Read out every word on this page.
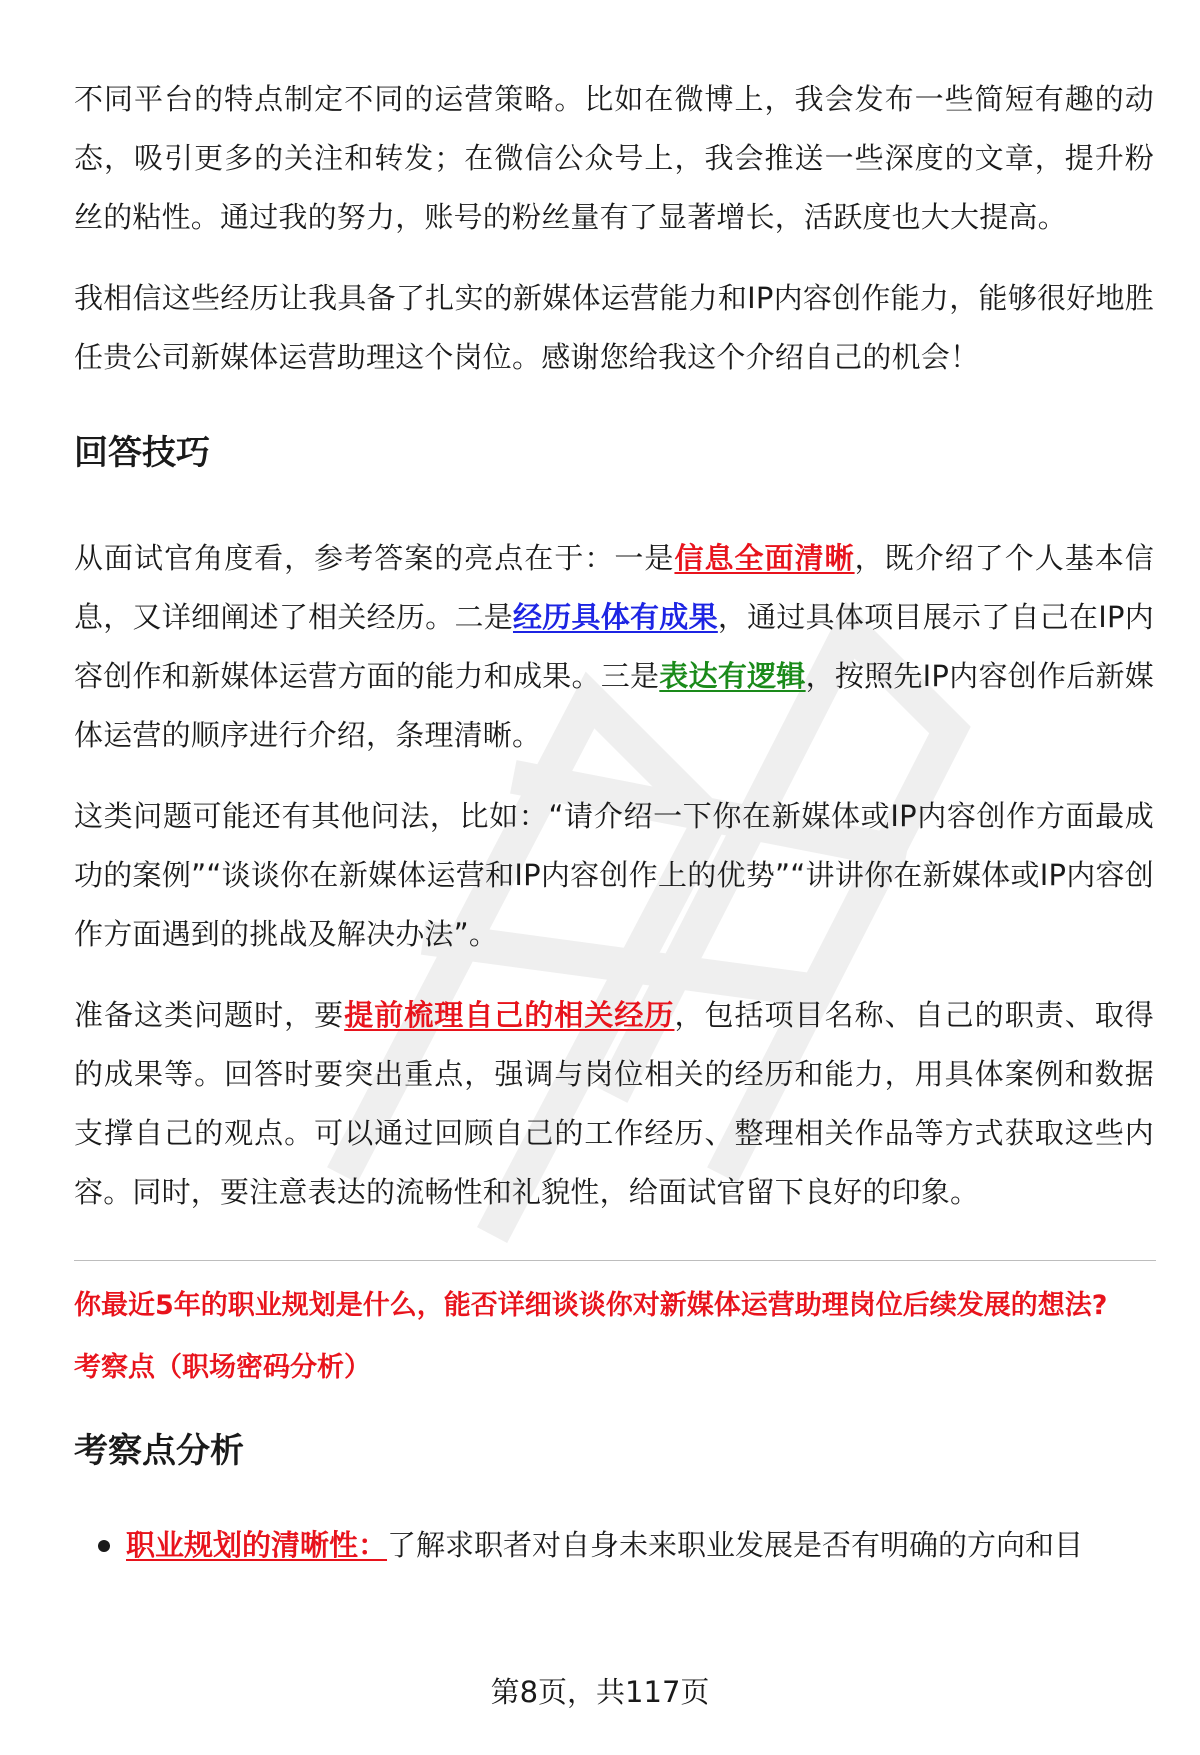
不同平台的特点制定不同的运营策略。比如在微博上，我会发布一些简短有趣的动态，吸引更多的关注和转发；在微信公众号上，我会推送一些深度的文章，提升粉丝的粘性。通过我的努力，账号的粉丝量有了显著增长，活跃度也大大提高。

我相信这些经历让我具备了扎实的新媒体运营能力和IP内容创作能力，能够很好地胜任贵公司新媒体运营助理这个岗位。感谢您给我这个介绍自己的机会！

回答技巧

从面试官角度看，参考答案的亮点在于：一是信息全面清晰，既介绍了个人基本信息，又详细阐述了相关经历。二是经历具体有成果，通过具体项目展示了自己在IP内容创作和新媒体运营方面的能力和成果。三是表达有逻辑，按照先IP内容创作后新媒体运营的顺序进行介绍，条理清晰。

这类问题可能还有其他问法，比如：“请介绍一下你在新媒体或IP内容创作方面最成功的案例”“谈谈你在新媒体运营和IP内容创作上的优势”“讲讲你在新媒体或IP内容创作方面遇到的挑战及解决办法”。

准备这类问题时，要提前梳理自己的相关经历，包括项目名称、自己的职责、取得的成果等。回答时要突出重点，强调与岗位相关的经历和能力，用具体案例和数据支撑自己的观点。可以通过回顾自己的工作经历、整理相关作品等方式获取这些内容。同时，要注意表达的流畅性和礼貌性，给面试官留下良好的印象。

你最近5年的职业规划是什么，能否详细谈谈你对新媒体运营助理岗位后续发展的想法?

考察点（职场密码分析）

考察点分析
职业规划的清晰性：了解求职者对自身未来职业发展是否有明确的方向和目
第8页，共117页
